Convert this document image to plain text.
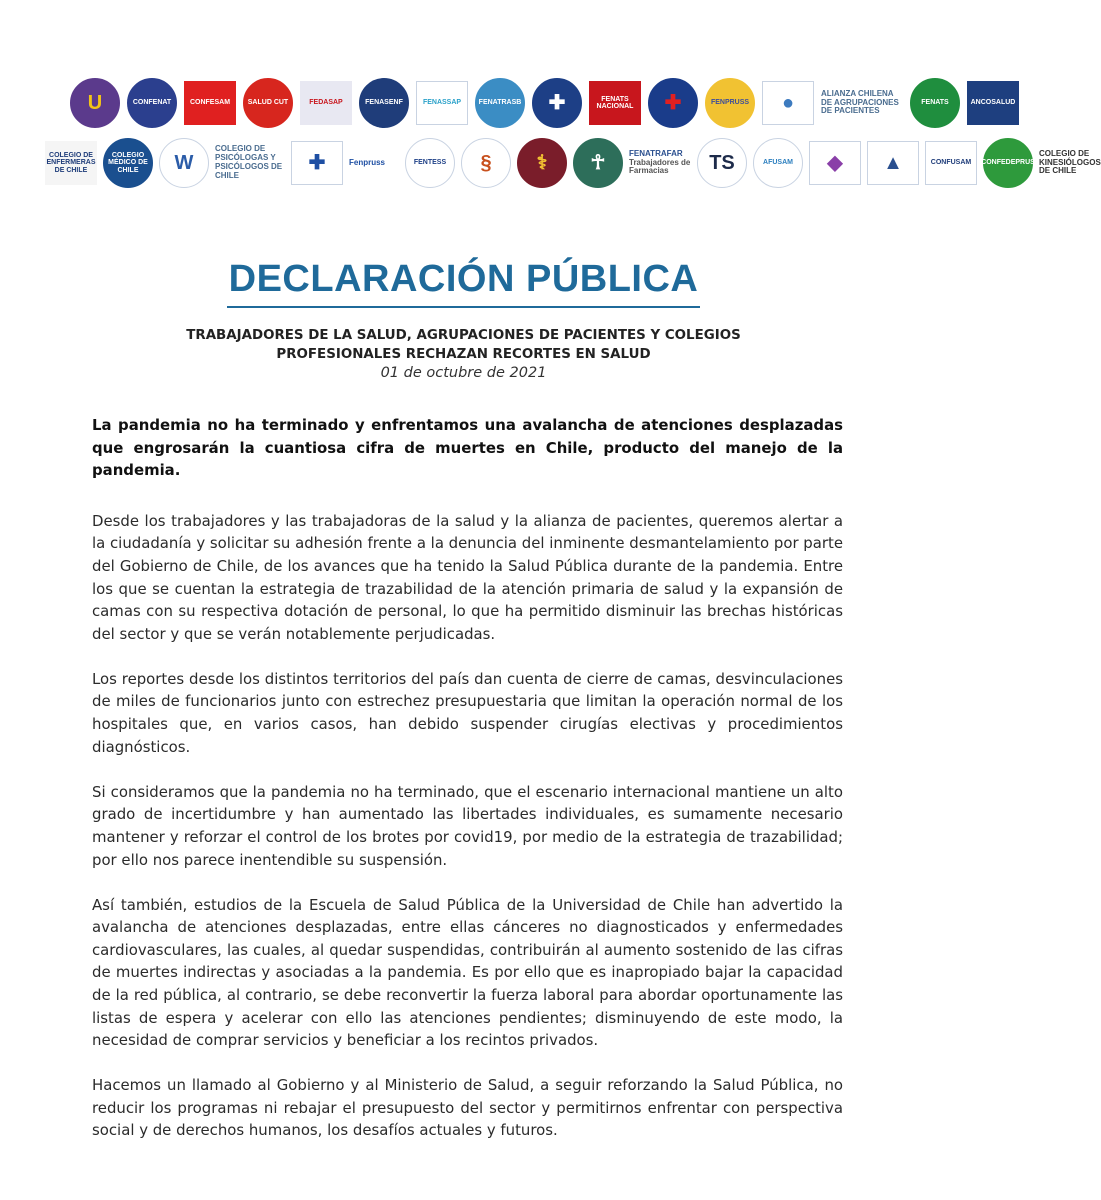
U	CONFENAT	CONFESAM	SALUD CUT	FEDASAP	FENASENF	FENASSAP	FENATRASB ✚	FENATS NACIONAL	✚	FENPRUSS ●	ALIANZA CHILENA DE AGRUPACIONES DE PACIENTES
FENATS	ANCOSALUD
COLEGIO DE ENFERMERAS DE CHILE
COLEGIO MÉDICO DE CHILE	W
COLEGIO DE PSICÓLOGAS Y PSICÓLOGOS DE CHILE
✚	Fenpruss	FENTESS § ⚕ ☥	FENATRAFAR
Trabajadores de Farmacias	TS	AFUSAM ◆ ▲	CONFUSAM CONFEDEPRUS
COLEGIO DE KINESIÓLOGOS DE CHILE
DECLARACIÓN PÚBLICA
TRABAJADORES DE LA SALUD, AGRUPACIONES DE PACIENTES Y COLEGIOS
PROFESIONALES RECHAZAN RECORTES EN SALUD
01 de octubre de 2021

La pandemia no ha terminado y enfrentamos una avalancha de atenciones desplazadas que engrosarán la cuantiosa cifra de muertes en Chile, producto del manejo de la pandemia.

Desde los trabajadores y las trabajadoras de la salud y la alianza de pacientes, queremos alertar a la ciudadanía y solicitar su adhesión frente a la denuncia del inminente desmantelamiento por parte del Gobierno de Chile, de los avances que ha tenido la Salud Pública durante de la pandemia. Entre los que se cuentan la estrategia de trazabilidad de la atención primaria de salud y la expansión de camas con su respectiva dotación de personal, lo que ha permitido disminuir las brechas históricas del sector y que se verán notablemente perjudicadas.

Los reportes desde los distintos territorios del país dan cuenta de cierre de camas, desvinculaciones de miles de funcionarios junto con estrechez presupuestaria que limitan la operación normal de los hospitales que, en varios casos, han debido suspender cirugías electivas y procedimientos diagnósticos.

Si consideramos que la pandemia no ha terminado, que el escenario internacional mantiene un alto grado de incertidumbre y han aumentado las libertades individuales, es sumamente necesario mantener y reforzar el control de los brotes por covid19, por medio de la estrategia de trazabilidad; por ello nos parece inentendible su suspensión.

Así también, estudios de la Escuela de Salud Pública de la Universidad de Chile han advertido la avalancha de atenciones desplazadas, entre ellas cánceres no diagnosticados y enfermedades cardiovasculares, las cuales, al quedar suspendidas, contribuirán al aumento sostenido de las cifras de muertes indirectas y asociadas a la pandemia. Es por ello que es inapropiado bajar la capacidad de la red pública, al contrario, se debe reconvertir la fuerza laboral para abordar oportunamente las listas de espera y acelerar con ello las atenciones pendientes; disminuyendo de este modo, la necesidad de comprar servicios y beneficiar a los recintos privados.

Hacemos un llamado al Gobierno y al Ministerio de Salud, a seguir reforzando la Salud Pública, no reducir los programas ni rebajar el presupuesto del sector y permitirnos enfrentar con perspectiva social y de derechos humanos, los desafíos actuales y futuros.
